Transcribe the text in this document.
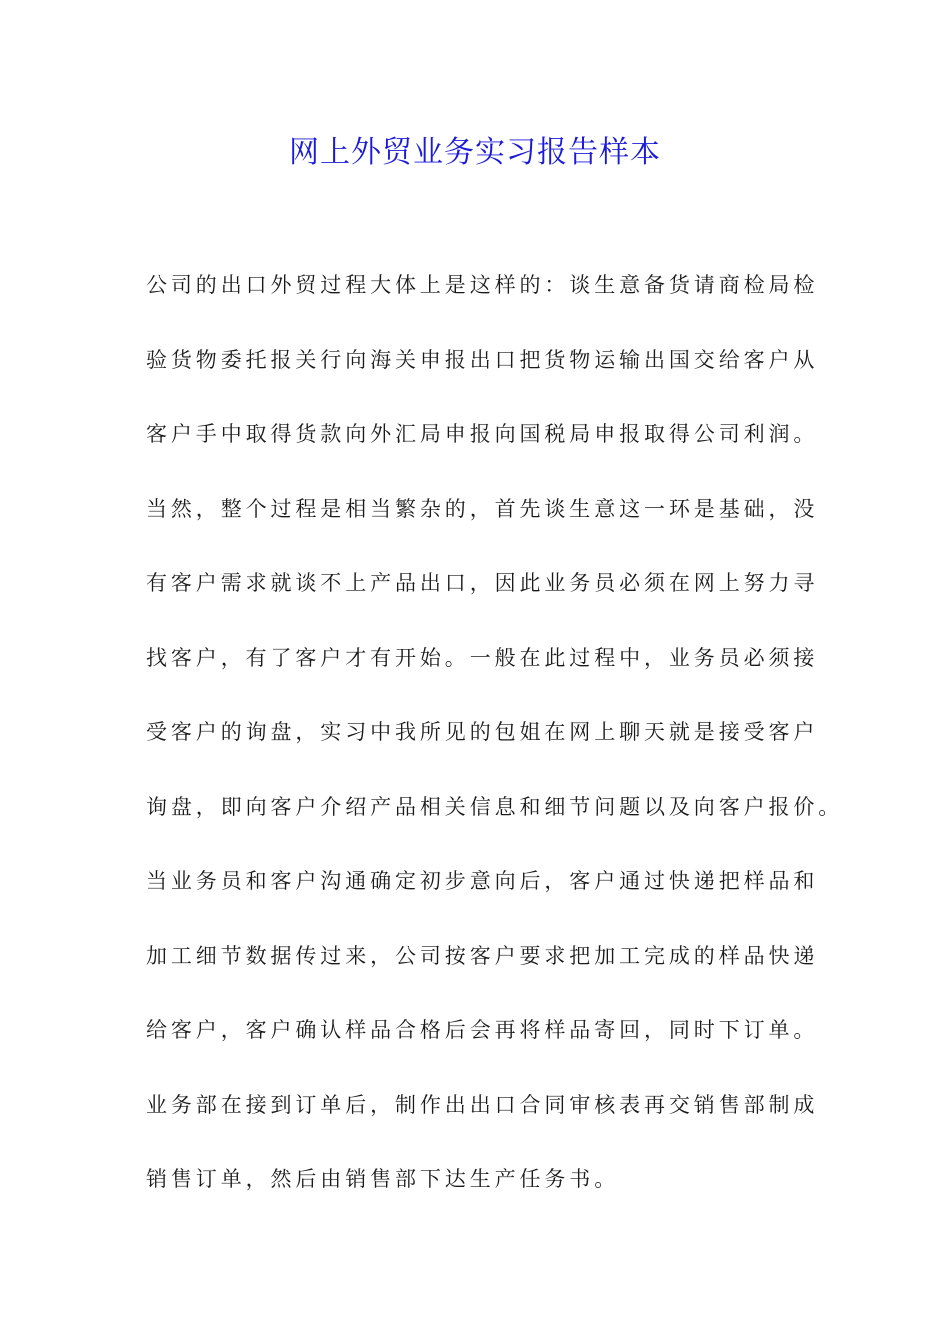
网上外贸业务实习报告样本
公司的出口外贸过程大体上是这样的：谈生意备货请商检局检
验货物委托报关行向海关申报出口把货物运输出国交给客户从
客户手中取得货款向外汇局申报向国税局申报取得公司利润。
当然，整个过程是相当繁杂的，首先谈生意这一环是基础，没
有客户需求就谈不上产品出口，因此业务员必须在网上努力寻
找客户，有了客户才有开始。一般在此过程中，业务员必须接
受客户的询盘，实习中我所见的包姐在网上聊天就是接受客户
询盘，即向客户介绍产品相关信息和细节问题以及向客户报价。
当业务员和客户沟通确定初步意向后，客户通过快递把样品和
加工细节数据传过来，公司按客户要求把加工完成的样品快递
给客户，客户确认样品合格后会再将样品寄回，同时下订单。
业务部在接到订单后，制作出出口合同审核表再交销售部制成
销售订单，然后由销售部下达生产任务书。
